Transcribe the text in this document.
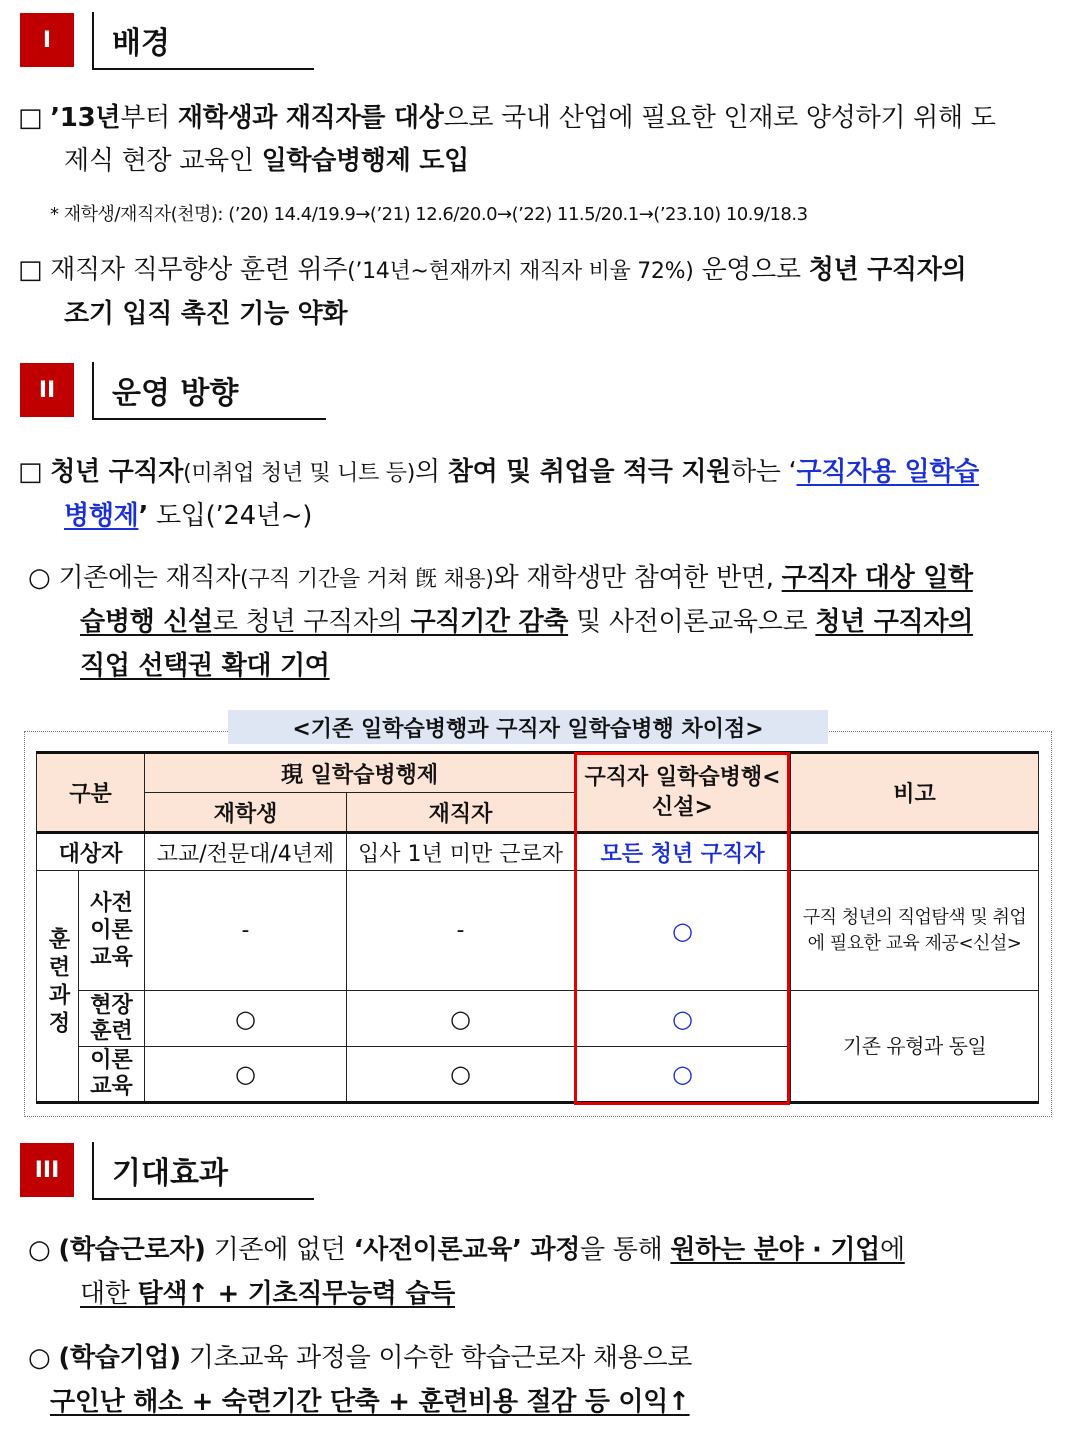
I	배경
□ ’13년부터 재학생과 재직자를 대상으로 국내 산업에 필요한 인재로 양성하기 위해 도
제식 현장 교육인 일학습병행제 도입
* 재학생/재직자(천명): (’20) 14.4/19.9→(’21) 12.6/20.0→(’22) 11.5/20.1→(’23.10) 10.9/18.3
□ 재직자 직무향상 훈련 위주(’14년~현재까지 재직자 비율 72%) 운영으로 청년 구직자의
조기 입직 촉진 기능 약화
II	운영 방향
□ 청년 구직자(미취업 청년 및 니트 등)의 참여 및 취업을 적극 지원하는 ‘구직자용 일학습
병행제’ 도입(’24년~)
○ 기존에는 재직자(구직 기간을 거쳐 旣 채용)와 재학생만 참여한 반면, 구직자 대상 일학
습병행 신설로 청년 구직자의 구직기간 감축 및 사전이론교육으로 청년 구직자의
직업 선택권 확대 기여
<기존 일학습병행과 구직자 일학습병행 차이점>
구분		現 일학습병행제		구직자 일학습병행<신설>	비고
		재학생	재직자		
대상자		고교/전문대/4년제	입사 1년 미만 근로자	모든 청년 구직자	
훈련과정	사전이론교육	-	-	○	구직 청년의 직업탐색 및 취업에 필요한 교육 제공<신설>
	현장훈련	○	○	○	기존 유형과 동일
	이론교육	○	○	○	
III	기대효과
○ (학습근로자) 기존에 없던 ‘사전이론교육’ 과정을 통해 원하는 분야 · 기업에
대한 탐색↑ + 기초직무능력 습득
○ (학습기업) 기초교육 과정을 이수한 학습근로자 채용으로
구인난 해소 + 숙련기간 단축 + 훈련비용 절감 등 이익↑
